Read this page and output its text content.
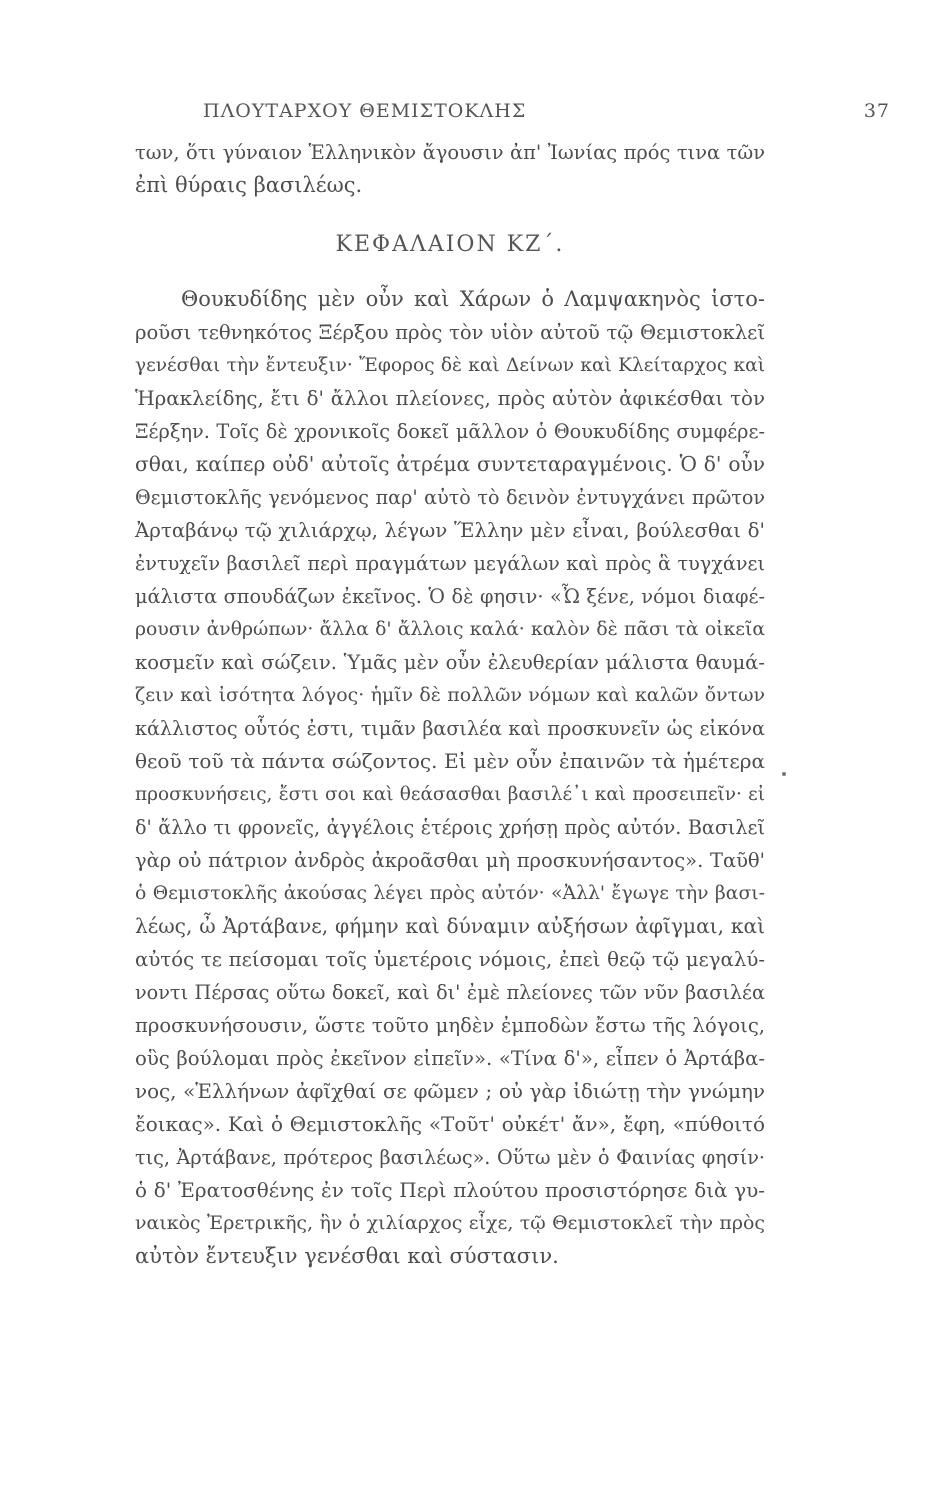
ΠΛΟΥΤΑΡΧΟΥ ΘΕΜΙΣΤΟΚΛΗΣ	37
των, ὅτι γύναιον Ἑλληνικὸν ἄγουσιν ἀπ' Ἰωνίας πρός τινα τῶν
ἐπὶ θύραις βασιλέως.
ΚΕΦΑΛΑΙΟΝ ΚΖ΄.
Θουκυδίδης μὲν οὖν καὶ Χάρων ὁ Λαμψακηνὸς ἱστο-
ροῦσι τεθνηκότος Ξέρξου πρὸς τὸν υἱὸν αὐτοῦ τῷ Θεμιστοκλεῖ
γενέσθαι τὴν ἔντευξιν· Ἔφορος δὲ καὶ Δείνων καὶ Κλείταρχος καὶ
Ἡρακλείδης, ἔτι δ' ἄλλοι πλείονες, πρὸς αὐτὸν ἀφικέσθαι τὸν
Ξέρξην. Τοῖς δὲ χρονικοῖς δοκεῖ μᾶλλον ὁ Θουκυδίδης συμφέρε-
σθαι, καίπερ οὐδ' αὐτοῖς ἀτρέμα συντεταραγμένοις. Ὁ δ' οὖν
Θεμιστοκλῆς γενόμενος παρ' αὐτὸ τὸ δεινὸν ἐντυγχάνει πρῶτον
Ἀρταβάνῳ τῷ χιλιάρχῳ, λέγων Ἕλλην μὲν εἶναι, βούλεσθαι δ'
ἐντυχεῖν βασιλεῖ περὶ πραγμάτων μεγάλων καὶ πρὸς ἃ τυγχάνει
μάλιστα σπουδάζων ἐκεῖνος. Ὁ δὲ φησιν· «Ὦ ξένε, νόμοι διαφέ-
ρουσιν ἀνθρώπων· ἄλλα δ' ἄλλοις καλά· καλὸν δὲ πᾶσι τὰ οἰκεῖα
κοσμεῖν καὶ σώζειν. Ὑμᾶς μὲν οὖν ἐλευθερίαν μάλιστα θαυμά-
ζειν καὶ ἰσότητα λόγος· ἡμῖν δὲ πολλῶν νόμων καὶ καλῶν ὄντων
κάλλιστος οὗτός ἐστι, τιμᾶν βασιλέα καὶ προσκυνεῖν ὡς εἰκόνα
θεοῦ τοῦ τὰ πάντα σώζοντος. Εἰ μὲν οὖν ἐπαινῶν τὰ ἡμέτερα
προσκυνήσεις, ἔστι σοι καὶ θεάσασθαι βασιλέ᾽ι καὶ προσειπεῖν· εἰ
δ' ἄλλο τι φρονεῖς, ἀγγέλοις ἑτέροις χρήσῃ πρὸς αὐτόν. Βασιλεῖ
γὰρ οὐ πάτριον ἀνδρὸς ἀκροᾶσθαι μὴ προσκυνήσαντος». Ταῦθ'
ὁ Θεμιστοκλῆς ἀκούσας λέγει πρὸς αὐτόν· «Ἀλλ' ἔγωγε τὴν βασι-
λέως, ὦ Ἀρτάβανε, φήμην καὶ δύναμιν αὐξήσων ἀφῖγμαι, καὶ
αὐτός τε πείσομαι τοῖς ὑμετέροις νόμοις, ἐπεὶ θεῷ τῷ μεγαλύ-
νοντι Πέρσας οὕτω δοκεῖ, καὶ δι' ἐμὲ πλείονες τῶν νῦν βασιλέα
προσκυνήσουσιν, ὥστε τοῦτο μηδὲν ἐμποδὼν ἔστω τῆς λόγοις,
οὓς βούλομαι πρὸς ἐκεῖνον εἰπεῖν». «Τίνα δ'», εἶπεν ὁ Ἀρτάβα-
νος, «Ἑλλήνων ἀφῖχθαί σε φῶμεν ; οὐ γὰρ ἰδιώτῃ τὴν γνώμην
ἔοικας». Καὶ ὁ Θεμιστοκλῆς «Τοῦτ' οὐκέτ' ἄν», ἔφη, «πύθοιτό
τις, Ἀρτάβανε, πρότερος βασιλέως». Οὕτω μὲν ὁ Φαινίας φησίν·
ὁ δ' Ἐρατοσθένης ἐν τοῖς Περὶ πλούτου προσιστόρησε διὰ γυ-
ναικὸς Ἐρετρικῆς, ἣν ὁ χιλίαρχος εἶχε, τῷ Θεμιστοκλεῖ τὴν πρὸς
αὐτὸν ἔντευξιν γενέσθαι καὶ σύστασιν.
